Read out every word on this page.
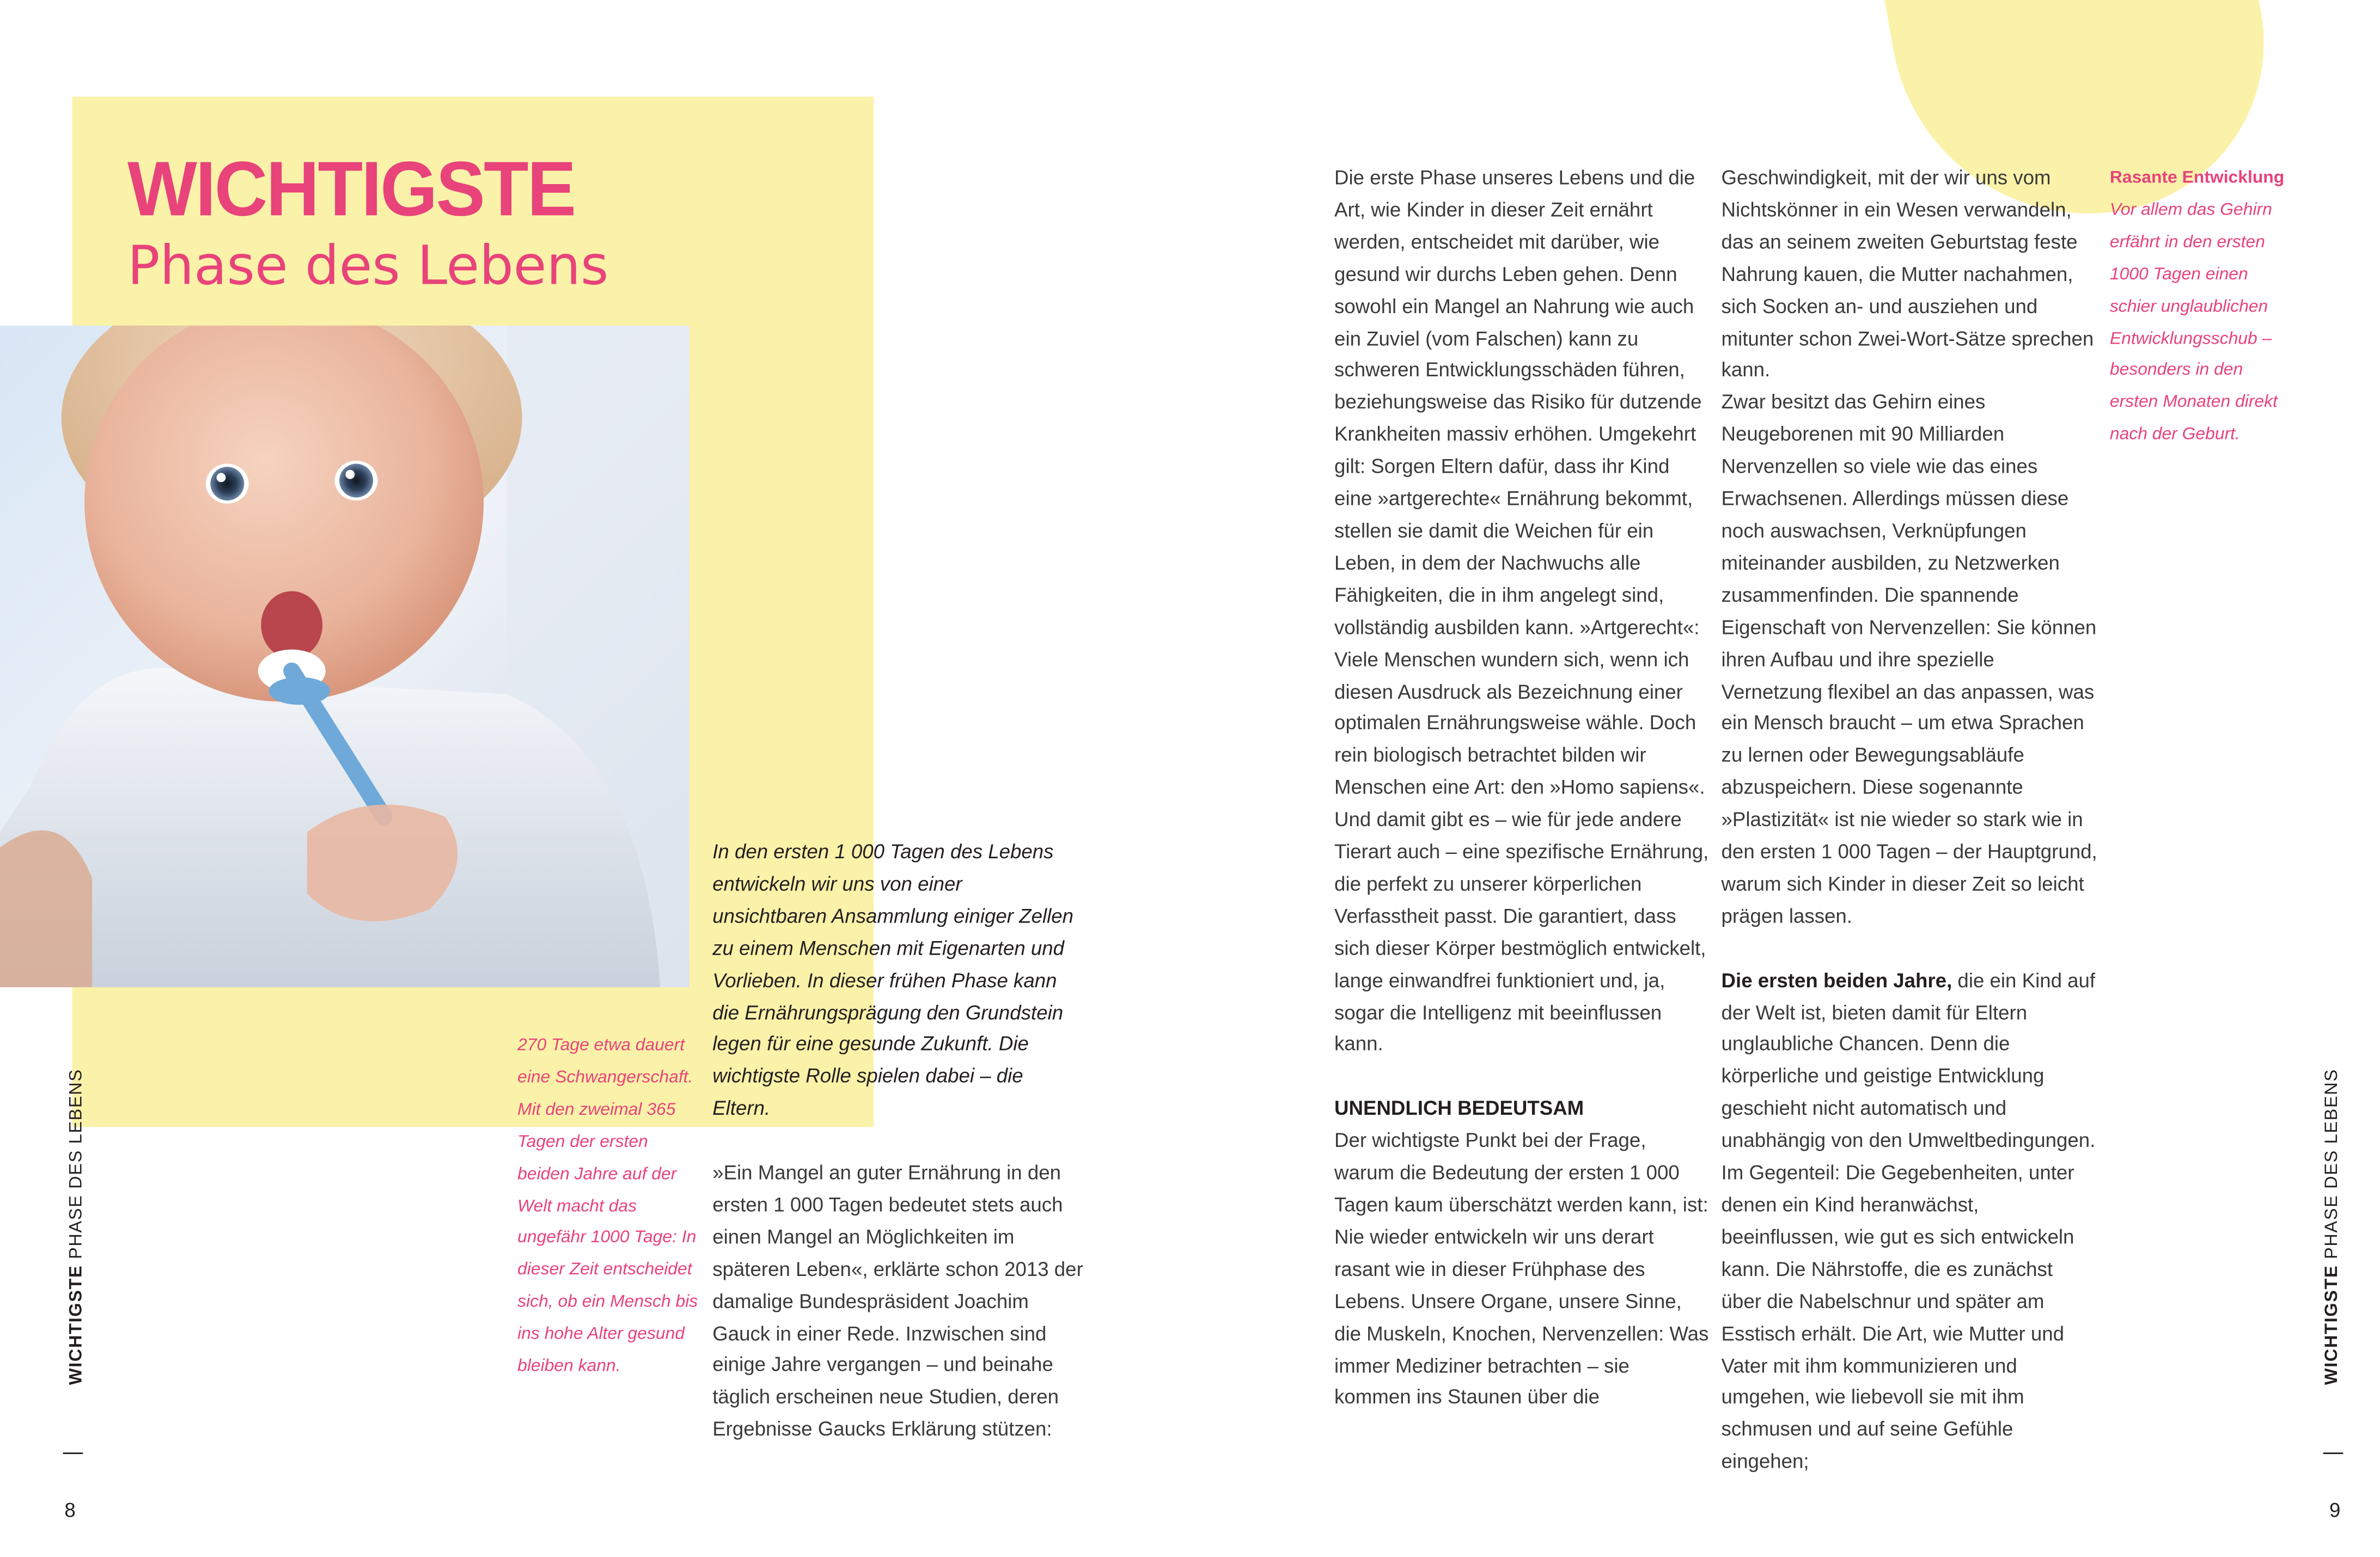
WICHTIGSTE
Phase des Lebens
In den ersten 1 000 Tagen des Lebens entwickeln wir uns von einer unsichtbaren Ansammlung einiger Zellen zu einem Menschen mit Eigenarten und Vorlieben. In dieser frühen Phase kann die Ernährungsprägung den Grundstein legen für eine gesunde Zukunft. Die wichtigste Rolle spielen dabei – die Eltern.
270 Tage etwa dauert eine Schwangerschaft. Mit den zweimal 365 Tagen der ersten beiden Jahre auf der Welt macht das ungefähr 1000 Tage: In dieser Zeit entscheidet sich, ob ein Mensch bis ins hohe Alter gesund bleiben kann.

»Ein Mangel an guter Ernährung in den ersten 1 000 Tagen bedeutet stets auch einen Mangel an Möglichkeiten im späteren Leben«, erklärte schon 2013 der damalige Bundespräsident Joachim Gauck in einer Rede. Inzwischen sind einige Jahre vergangen – und beinahe täglich erscheinen neue Studien, deren Ergebnisse Gaucks Erklärung stützen:

Die erste Phase unseres Lebens und die Art, wie Kinder in dieser Zeit ernährt werden, entscheidet mit darüber, wie gesund wir durchs Leben gehen. Denn sowohl ein Mangel an Nahrung wie auch ein Zuviel (vom Falschen) kann zu schweren Entwicklungsschäden führen, beziehungsweise das Risiko für dutzende Krankheiten massiv erhöhen. Umgekehrt gilt: Sorgen Eltern dafür, dass ihr Kind eine »artgerechte« Ernährung bekommt, stellen sie damit die Weichen für ein Leben, in dem der Nachwuchs alle Fähigkeiten, die in ihm angelegt sind, vollständig ausbilden kann. »Artgerecht«: Viele Menschen wundern sich, wenn ich diesen Ausdruck als Bezeichnung einer optimalen Ernährungsweise wähle. Doch rein biologisch betrachtet bilden wir Menschen eine Art: den »Homo sapiens«. Und damit gibt es – wie für jede andere Tierart auch – eine spezifische Ernährung, die perfekt zu unserer körperlichen Verfasstheit passt. Die garantiert, dass sich dieser Körper bestmöglich entwickelt, lange einwandfrei funktioniert und, ja, sogar die Intelligenz mit beeinflussen kann.

UNENDLICH BEDEUTSAM

Der wichtigste Punkt bei der Frage, warum die Bedeutung der ersten 1 000 Tagen kaum überschätzt werden kann, ist: Nie wieder entwickeln wir uns derart rasant wie in dieser Frühphase des Lebens. Unsere Organe, unsere Sinne, die Muskeln, Knochen, Nervenzellen: Was immer Mediziner betrachten – sie kommen ins Staunen über die

Geschwindigkeit, mit der wir uns vom Nichtskönner in ein Wesen verwandeln, das an seinem zweiten Geburtstag feste Nahrung kauen, die Mutter nachahmen, sich Socken an- und ausziehen und mitunter schon Zwei-Wort-Sätze sprechen kann.

Zwar besitzt das Gehirn eines Neugeborenen mit 90 Milliarden Nervenzellen so viele wie das eines Erwachsenen. Allerdings müssen diese noch auswachsen, Verknüpfungen miteinander ausbilden, zu Netzwerken zusammenfinden. Die spannende Eigenschaft von Nervenzellen: Sie können ihren Aufbau und ihre spezielle Vernetzung flexibel an das anpassen, was ein Mensch braucht – um etwa Sprachen zu lernen oder Bewegungsabläufe abzuspeichern. Diese sogenannte »Plastizität« ist nie wieder so stark wie in den ersten 1 000 Tagen – der Hauptgrund, warum sich Kinder in dieser Zeit so leicht prägen lassen.

Die ersten beiden Jahre, die ein Kind auf der Welt ist, bieten damit für Eltern unglaubliche Chancen. Denn die körperliche und geistige Entwicklung geschieht nicht automatisch und unabhängig von den Umweltbedingungen. Im Gegenteil: Die Gegebenheiten, unter denen ein Kind heranwächst, beeinflussen, wie gut es sich entwickeln kann. Die Nährstoffe, die es zunächst über die Nabelschnur und später am Esstisch erhält. Die Art, wie Mutter und Vater mit ihm kommunizieren und umgehen, wie liebevoll sie mit ihm schmusen und auf seine Gefühle eingehen;

Rasante Entwicklung
Vor allem das Gehirn erfährt in den ersten 1000 Tagen einen schier unglaublichen Entwicklungsschub – besonders in den ersten Monaten direkt nach der Geburt.
WICHTIGSTE PHASE DES LEBENS
WICHTIGSTE PHASE DES LEBENS
8	9
